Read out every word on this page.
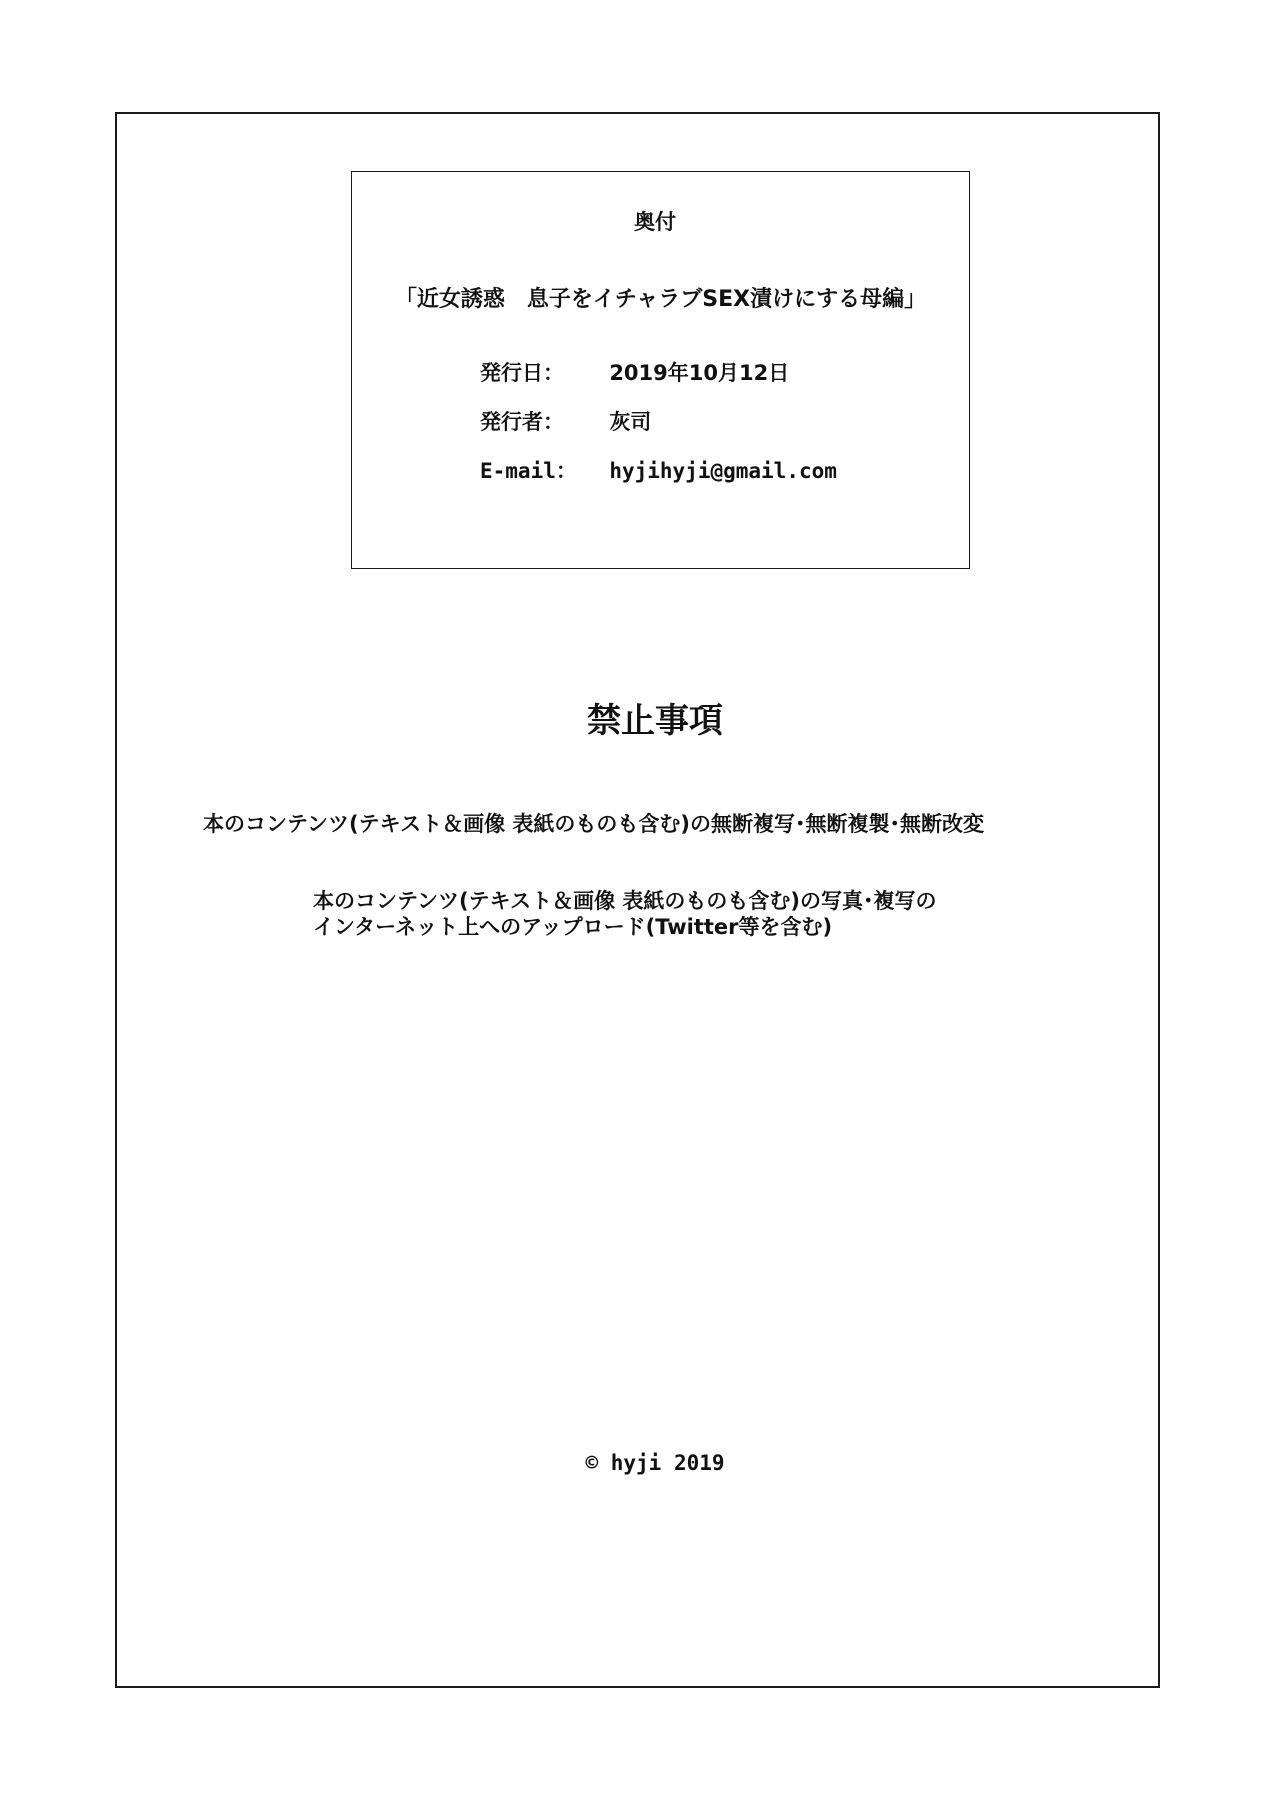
奥付
「近女誘惑　息子をイチャラブSEX漬けにする母編」
発行日： 2019年10月12日
発行者： 灰司
E-mail： hyjihyji@gmail.com
禁止事項
本のコンテンツ(テキスト＆画像 表紙のものも含む)の無断複写･無断複製･無断改変
本のコンテンツ(テキスト＆画像 表紙のものも含む)の写真･複写の
インターネット上へのアップロード(Twitter等を含む)
© hyji 2019
